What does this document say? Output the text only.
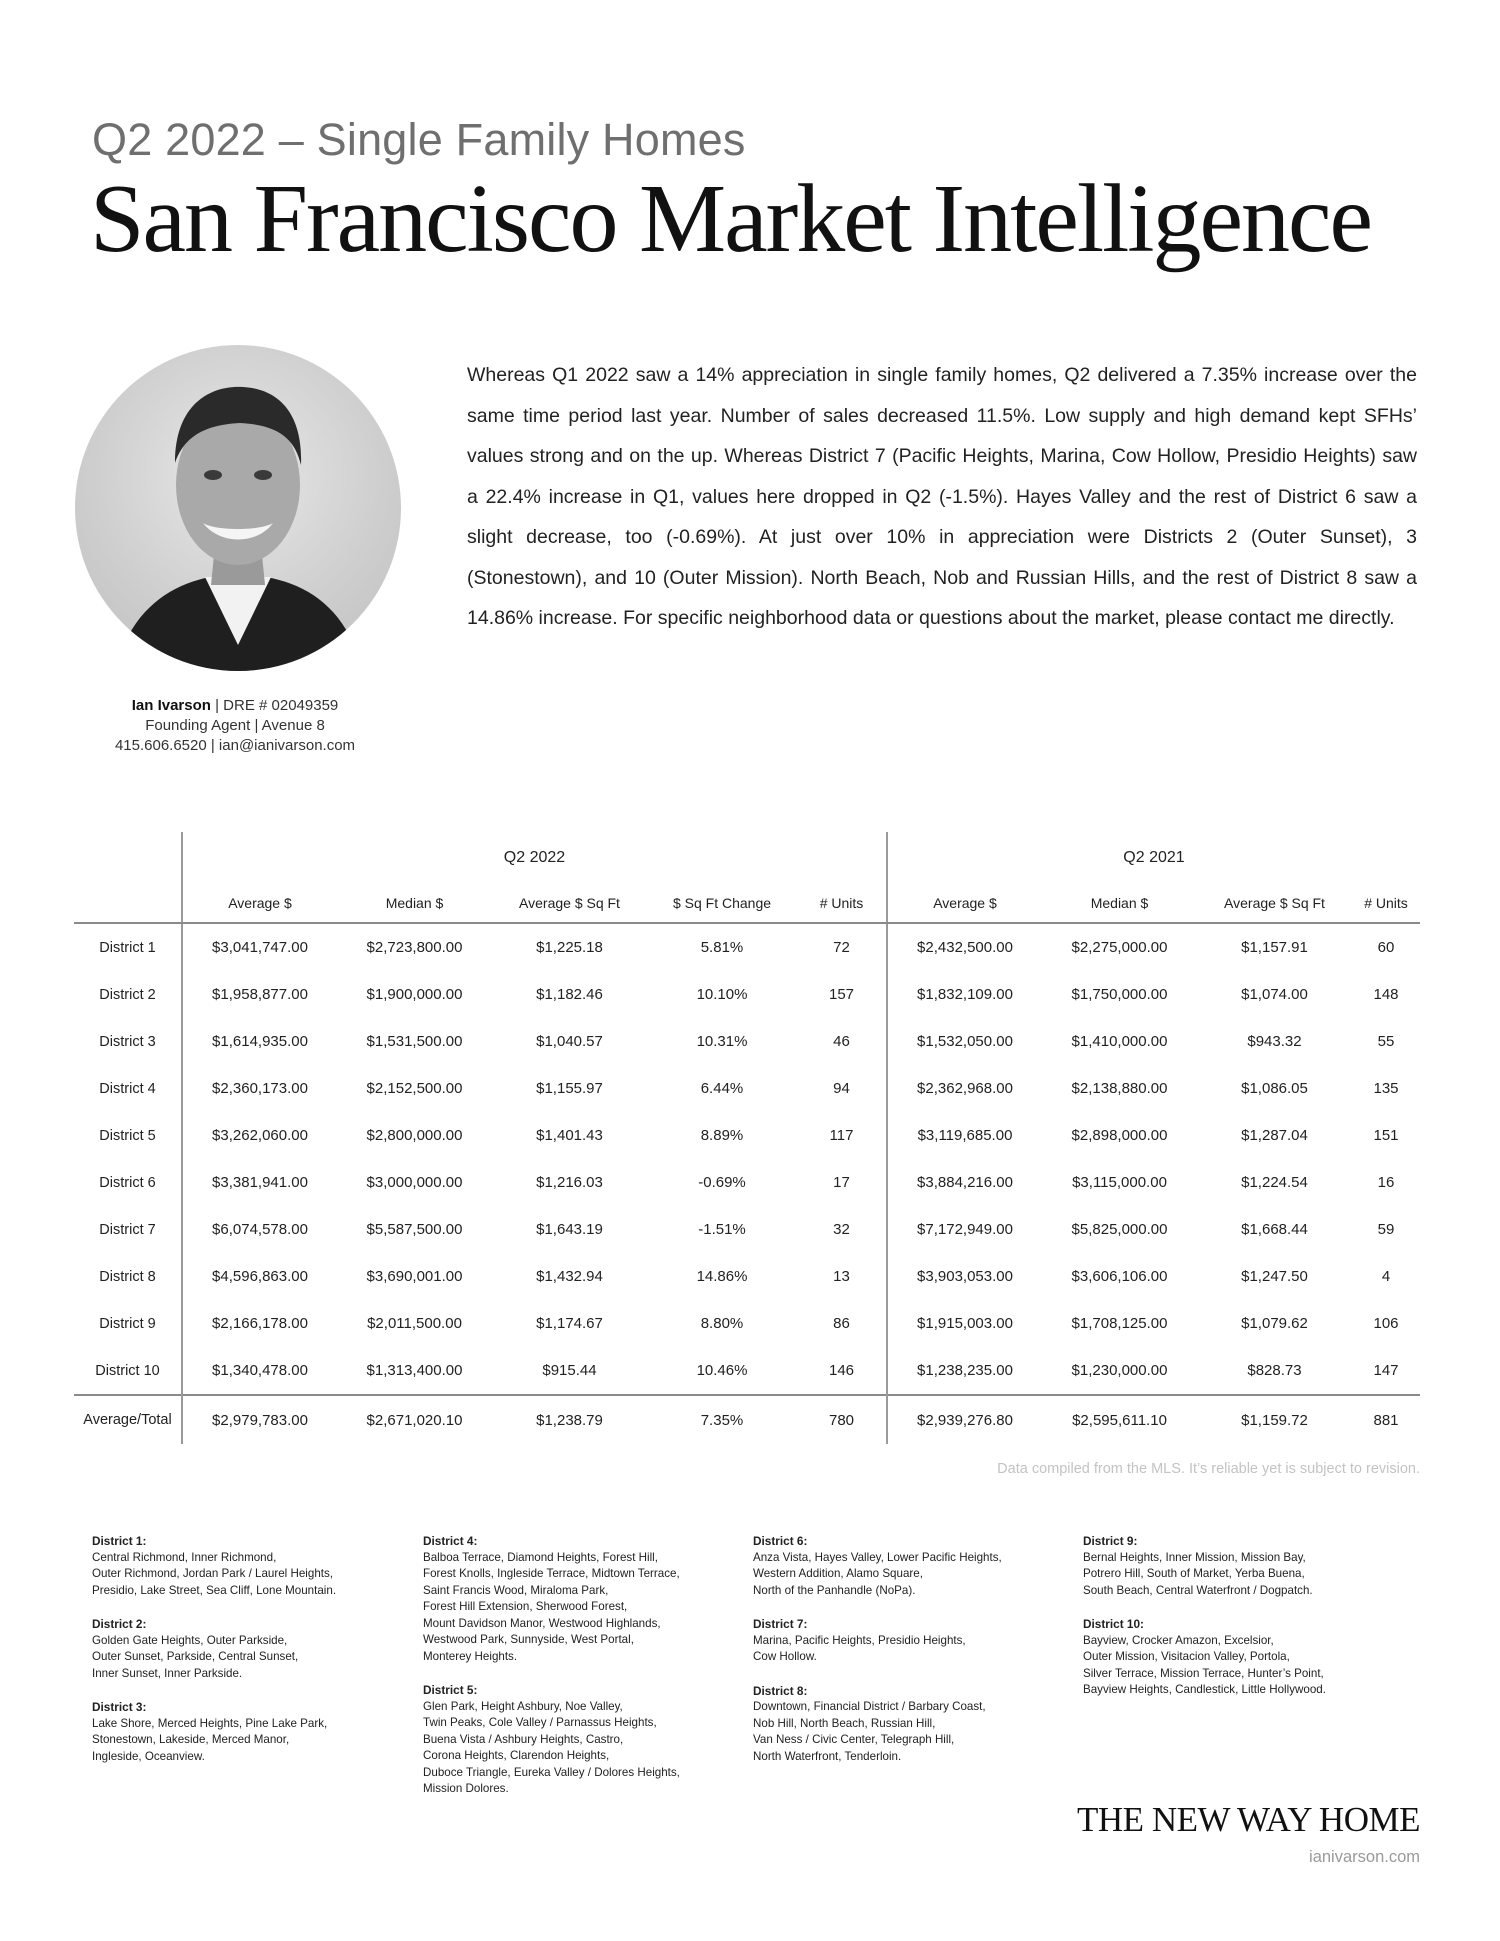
Q2 2022 – Single Family Homes
San Francisco Market Intelligence
Whereas Q1 2022 saw a 14% appreciation in single family homes, Q2 delivered a 7.35% increase over the same time period last year. Number of sales decreased 11.5%. Low supply and high demand kept SFHs’ values strong and on the up. Whereas District 7 (Pacific Heights, Marina, Cow Hollow, Presidio Heights) saw a 22.4% increase in Q1, values here dropped in Q2 (-1.5%). Hayes Valley and the rest of District 6 saw a slight decrease, too (-0.69%). At just over 10% in appreciation were Districts 2 (Outer Sunset), 3 (Stonestown), and 10 (Outer Mission). North Beach, Nob and Russian Hills, and the rest of District 8 saw a 14.86% increase. For specific neighborhood data or questions about the market, please contact me directly.
Ian Ivarson | DRE # 02049359
Founding Agent | Avenue 8
415.606.6520 | ian@ianivarson.com
	Q2 2022					Q2 2021			
	Average $	Median $	Average $ Sq Ft	$ Sq Ft Change	# Units	Average $	Median $	Average $ Sq Ft	# Units
District 1	$3,041,747.00	$2,723,800.00	$1,225.18	5.81%	72	$2,432,500.00	$2,275,000.00	$1,157.91	60
District 2	$1,958,877.00	$1,900,000.00	$1,182.46	10.10%	157	$1,832,109.00	$1,750,000.00	$1,074.00	148
District 3	$1,614,935.00	$1,531,500.00	$1,040.57	10.31%	46	$1,532,050.00	$1,410,000.00	$943.32	55
District 4	$2,360,173.00	$2,152,500.00	$1,155.97	6.44%	94	$2,362,968.00	$2,138,880.00	$1,086.05	135
District 5	$3,262,060.00	$2,800,000.00	$1,401.43	8.89%	117	$3,119,685.00	$2,898,000.00	$1,287.04	151
District 6	$3,381,941.00	$3,000,000.00	$1,216.03	-0.69%	17	$3,884,216.00	$3,115,000.00	$1,224.54	16
District 7	$6,074,578.00	$5,587,500.00	$1,643.19	-1.51%	32	$7,172,949.00	$5,825,000.00	$1,668.44	59
District 8	$4,596,863.00	$3,690,001.00	$1,432.94	14.86%	13	$3,903,053.00	$3,606,106.00	$1,247.50	4
District 9	$2,166,178.00	$2,011,500.00	$1,174.67	8.80%	86	$1,915,003.00	$1,708,125.00	$1,079.62	106
District 10	$1,340,478.00	$1,313,400.00	$915.44	10.46%	146	$1,238,235.00	$1,230,000.00	$828.73	147
Average/Total	$2,979,783.00	$2,671,020.10	$1,238.79	7.35%	780	$2,939,276.80	$2,595,611.10	$1,159.72	881
Data compiled from the MLS. It’s reliable yet is subject to revision.
District 1:
Central Richmond, Inner Richmond,
Outer Richmond, Jordan Park / Laurel Heights,
Presidio, Lake Street, Sea Cliff, Lone Mountain.
District 2:
Golden Gate Heights, Outer Parkside,
Outer Sunset, Parkside, Central Sunset,
Inner Sunset, Inner Parkside.
District 3:
Lake Shore, Merced Heights, Pine Lake Park,
Stonestown, Lakeside, Merced Manor,
Ingleside, Oceanview.
District 4:
Balboa Terrace, Diamond Heights, Forest Hill,
Forest Knolls, Ingleside Terrace, Midtown Terrace,
Saint Francis Wood, Miraloma Park,
Forest Hill Extension, Sherwood Forest,
Mount Davidson Manor, Westwood Highlands,
Westwood Park, Sunnyside, West Portal,
Monterey Heights.
District 5:
Glen Park, Height Ashbury, Noe Valley,
Twin Peaks, Cole Valley / Parnassus Heights,
Buena Vista / Ashbury Heights, Castro,
Corona Heights, Clarendon Heights,
Duboce Triangle, Eureka Valley / Dolores Heights,
Mission Dolores.
District 6:
Anza Vista, Hayes Valley, Lower Pacific Heights,
Western Addition, Alamo Square,
North of the Panhandle (NoPa).
District 7:
Marina, Pacific Heights, Presidio Heights,
Cow Hollow.
District 8:
Downtown, Financial District / Barbary Coast,
Nob Hill, North Beach, Russian Hill,
Van Ness / Civic Center, Telegraph Hill,
North Waterfront, Tenderloin.
District 9:
Bernal Heights, Inner Mission, Mission Bay,
Potrero Hill, South of Market, Yerba Buena,
South Beach, Central Waterfront / Dogpatch.
District 10:
Bayview, Crocker Amazon, Excelsior,
Outer Mission, Visitacion Valley, Portola,
Silver Terrace, Mission Terrace, Hunter’s Point,
Bayview Heights, Candlestick, Little Hollywood.
THE NEW WAY HOME
ianivarson.com
